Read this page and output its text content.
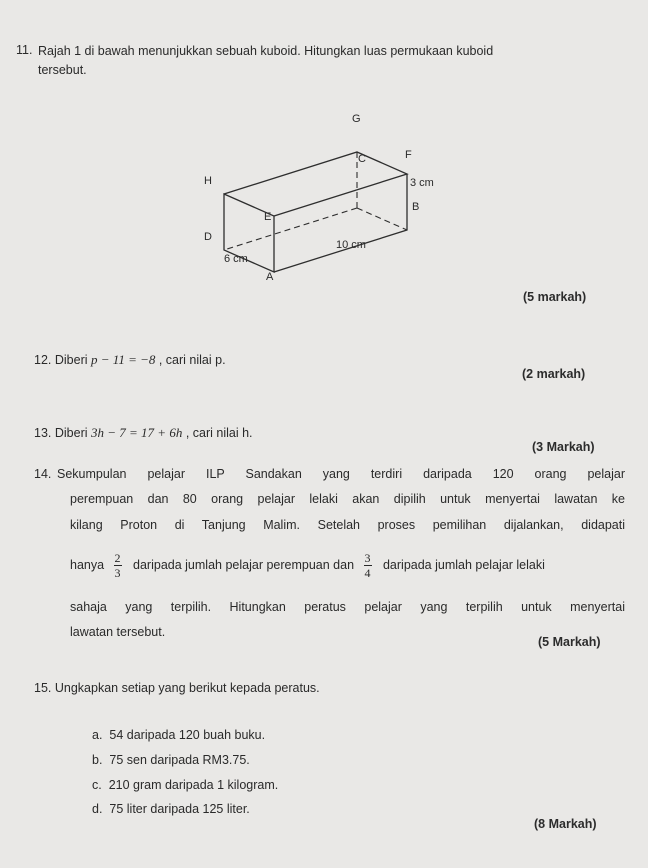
11. Rajah 1 di bawah menunjukkan sebuah kuboid. Hitungkan luas permukaan kuboid
tersebut.
G
C	F
H
E
B
D
A
3 cm
10 cm
6 cm
(5 markah)
12. Diberi p − 11 = −8 , cari nilai p.
(2 markah)
13. Diberi 3h − 7 = 17 + 6h , cari nilai h.
(3 Markah)
14. Sekumpulan pelajar ILP Sandakan yang terdiri daripada 120 orang pelajar
perempuan dan 80 orang pelajar lelaki akan dipilih untuk menyertai lawatan ke
kilang Proton di Tanjung Malim. Setelah proses pemilihan dijalankan, didapati
hanya $\frac{2}{3}$ daripada jumlah pelajar perempuan dan $\frac{3}{4}$ daripada jumlah pelajar lelaki
sahaja yang terpilih. Hitungkan peratus pelajar yang terpilih untuk menyertai
lawatan tersebut.
(5 Markah)
15. Ungkapkan setiap yang berikut kepada peratus.
a. 54 daripada 120 buah buku.
b. 75 sen daripada RM3.75.
c. 210 gram daripada 1 kilogram.
d. 75 liter daripada 125 liter.
(8 Markah)
